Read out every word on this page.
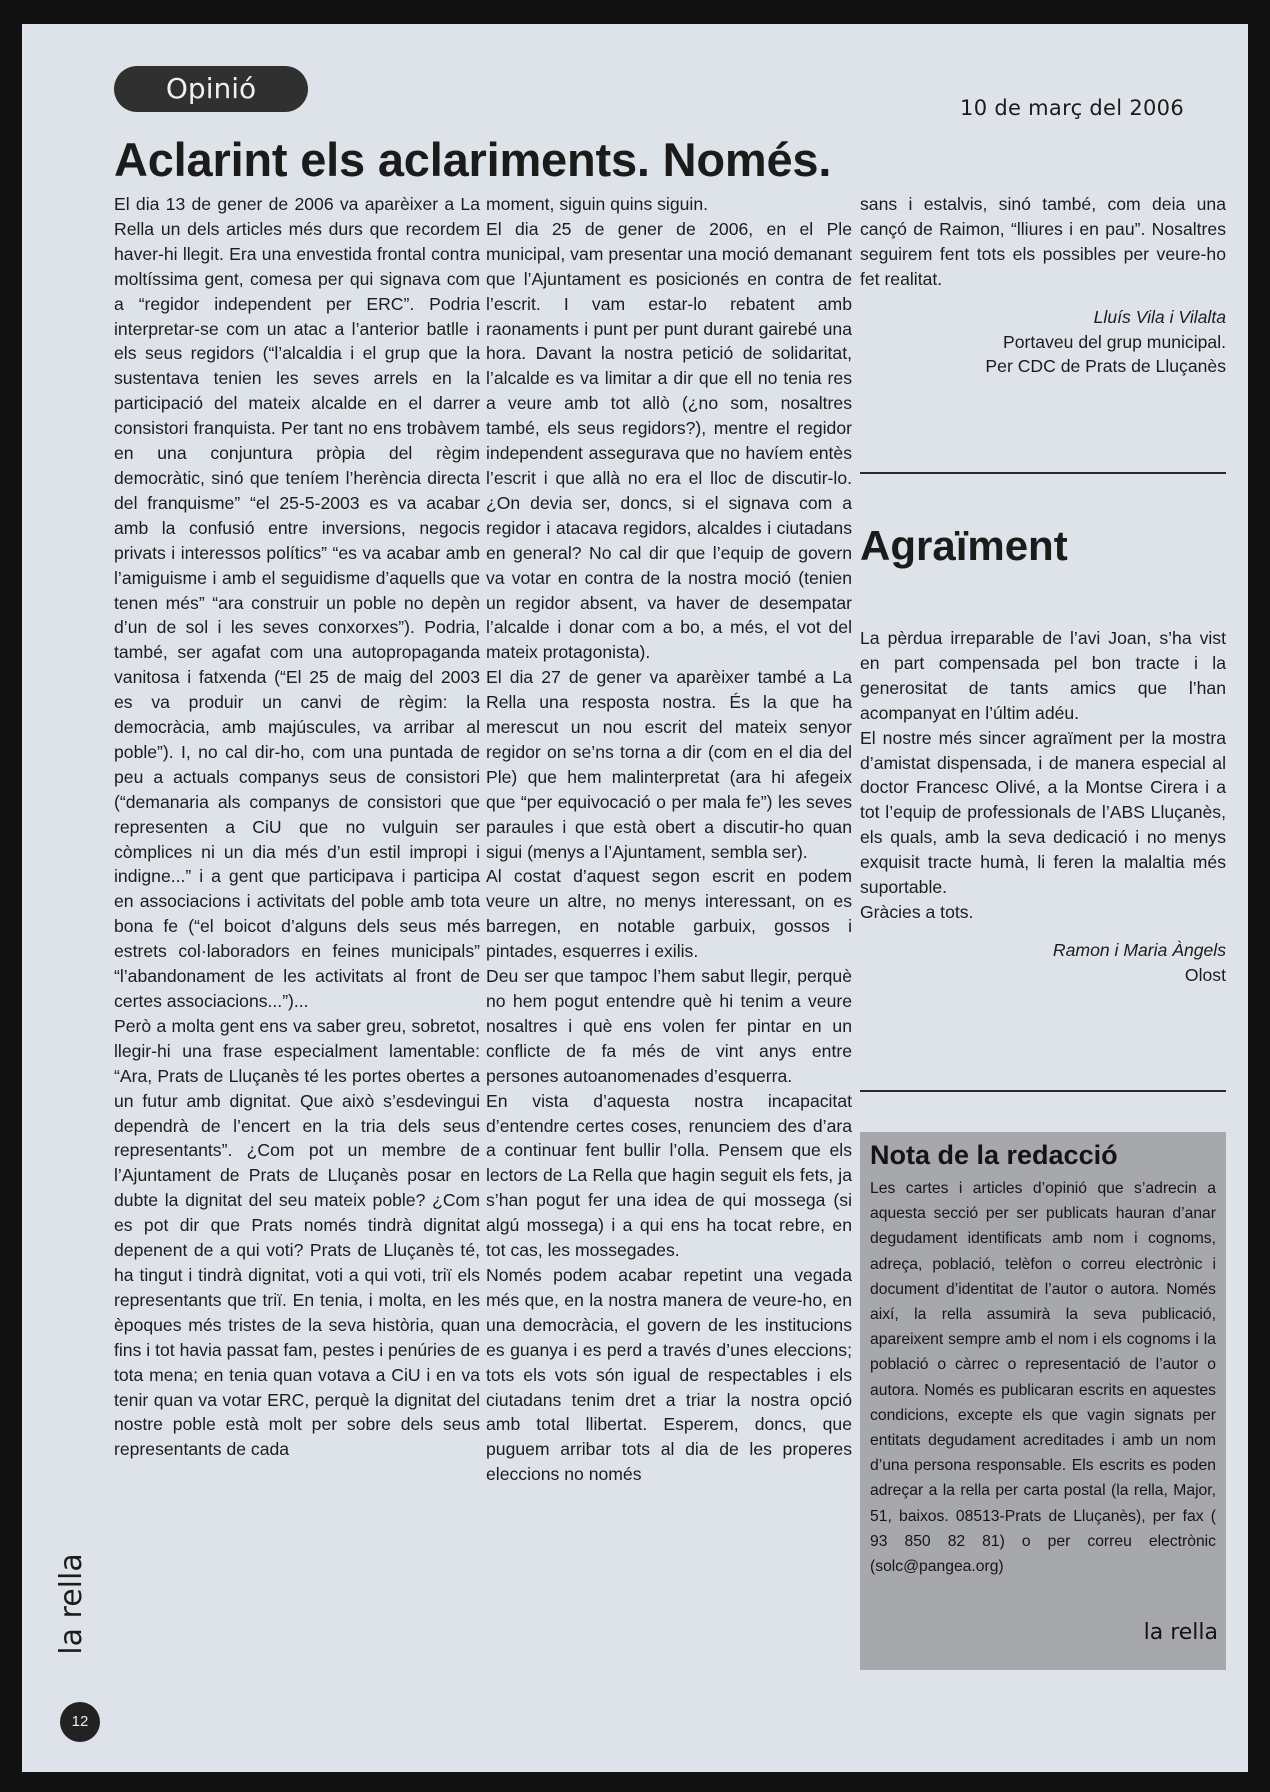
Opinió
10 de març del 2006
Aclarint els aclariments. Només.

El dia 13 de gener de 2006 va aparèixer a La Rella un dels articles més durs que recordem haver-hi llegit. Era una envestida frontal contra moltíssima gent, comesa per qui signava com a “regidor independent per ERC”. Podria interpretar-se com un atac a l’anterior batlle i els seus regidors (“l’alcaldia i el grup que la sustentava tenien les seves arrels en la participació del mateix alcalde en el darrer consistori franquista. Per tant no ens trobàvem en una conjuntura pròpia del règim democràtic, sinó que teníem l’herència directa del franquisme” “el 25-5-2003 es va acabar amb la confusió entre inversions, negocis privats i interessos polítics” “es va acabar amb l’amiguisme i amb el seguidisme d’aquells que tenen més” “ara construir un poble no depèn d’un de sol i les seves conxorxes”). Podria, també, ser agafat com una autopropaganda vanitosa i fatxenda (“El 25 de maig del 2003 es va produir un canvi de règim: la democràcia, amb majúscules, va arribar al poble”). I, no cal dir-ho, com una puntada de peu a actuals companys seus de consistori (“demanaria als companys de consistori que representen a CiU que no vulguin ser còmplices ni un dia més d’un estil impropi i indigne...” i a gent que participava i participa en associacions i activitats del poble amb tota bona fe (“el boicot d’alguns dels seus més estrets col·laboradors en feines municipals” “l’abandonament de les activitats al front de certes associacions...”)...

Però a molta gent ens va saber greu, sobretot, llegir-hi una frase especialment lamentable: “Ara, Prats de Lluçanès té les portes obertes a un futur amb dignitat. Que això s’esdevingui dependrà de l’encert en la tria dels seus representants”. ¿Com pot un membre de l’Ajuntament de Prats de Lluçanès posar en dubte la dignitat del seu mateix poble? ¿Com es pot dir que Prats només tindrà dignitat depenent de a qui voti? Prats de Lluçanès té, ha tingut i tindrà dignitat, voti a qui voti, triï els representants que triï. En tenia, i molta, en les èpoques més tristes de la seva història, quan fins i tot havia passat fam, pestes i penúries de tota mena; en tenia quan votava a CiU i en va tenir quan va votar ERC, perquè la dignitat del nostre poble està molt per sobre dels seus representants de cada

moment, siguin quins siguin.

El dia 25 de gener de 2006, en el Ple municipal, vam presentar una moció demanant que l’Ajuntament es posicionés en contra de l’escrit. I vam estar-lo rebatent amb raonaments i punt per punt durant gairebé una hora. Davant la nostra petició de solidaritat, l’alcalde es va limitar a dir que ell no tenia res a veure amb tot allò (¿no som, nosaltres també, els seus regidors?), mentre el regidor independent assegurava que no havíem entès l’escrit i que allà no era el lloc de discutir-lo. ¿On devia ser, doncs, si el signava com a regidor i atacava regidors, alcaldes i ciutadans en general? No cal dir que l’equip de govern va votar en contra de la nostra moció (tenien un regidor absent, va haver de desempatar l’alcalde i donar com a bo, a més, el vot del mateix protagonista).

El dia 27 de gener va aparèixer també a La Rella una resposta nostra. És la que ha merescut un nou escrit del mateix senyor regidor on se’ns torna a dir (com en el dia del Ple) que hem malinterpretat (ara hi afegeix que “per equivocació o per mala fe”) les seves paraules i que està obert a discutir-ho quan sigui (menys a l’Ajuntament, sembla ser).

Al costat d’aquest segon escrit en podem veure un altre, no menys interessant, on es barregen, en notable garbuix, gossos i pintades, esquerres i exilis.

Deu ser que tampoc l’hem sabut llegir, perquè no hem pogut entendre què hi tenim a veure nosaltres i què ens volen fer pintar en un conflicte de fa més de vint anys entre persones autoanomenades d’esquerra.

En vista d’aquesta nostra incapacitat d’entendre certes coses, renunciem des d’ara a continuar fent bullir l’olla. Pensem que els lectors de La Rella que hagin seguit els fets, ja s’han pogut fer una idea de qui mossega (si algú mossega) i a qui ens ha tocat rebre, en tot cas, les mossegades.

Només podem acabar repetint una vegada més que, en la nostra manera de veure-ho, en una democràcia, el govern de les institucions es guanya i es perd a través d’unes eleccions; tots els vots són igual de respectables i els ciutadans tenim dret a triar la nostra opció amb total llibertat. Esperem, doncs, que puguem arribar tots al dia de les properes eleccions no només

sans i estalvis, sinó també, com deia una cançó de Raimon, “lliures i en pau”. Nosaltres seguirem fent tots els possibles per veure-ho fet realitat.

Lluís Vila i Vilalta
Portaveu del grup municipal.
Per CDC de Prats de Lluçanès
Agraïment

La pèrdua irreparable de l’avi Joan, s’ha vist en part compensada pel bon tracte i la generositat de tants amics que l’han acompanyat en l’últim adéu.

El nostre més sincer agraïment per la mostra d’amistat dispensada, i de manera especial al doctor Francesc Olivé, a la Montse Cirera i a tot l’equip de professionals de l’ABS Lluçanès, els quals, amb la seva dedicació i no menys exquisit tracte humà, li feren la malaltia més suportable.

Gràcies a tots.

Ramon i Maria Àngels
Olost
Nota de la redacció
Les cartes i articles d’opinió que s’adrecin a aquesta secció per ser publicats hauran d’anar degudament identificats amb nom i cognoms, adreça, població, telèfon o correu electrònic i document d’identitat de l’autor o autora. Només així, la rella assumirà la seva publicació, apareixent sempre amb el nom i els cognoms i la població o càrrec o representació de l’autor o autora. Només es publicaran escrits en aquestes condicions, excepte els que vagin signats per entitats degudament acreditades i amb un nom d’una persona responsable. Els escrits es poden adreçar a la rella per carta postal (la rella, Major, 51, baixos. 08513-Prats de Lluçanès), per fax ( 93 850 82 81) o per correu electrònic (solc@pangea.org)
la rella
la rella
12
